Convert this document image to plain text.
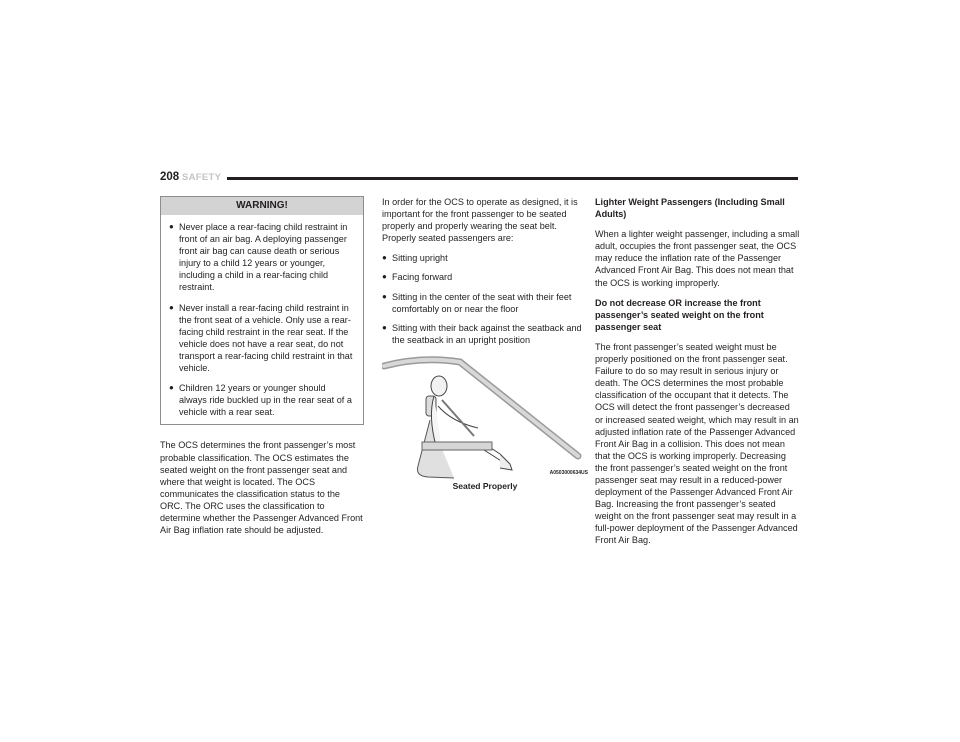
208 SAFETY
WARNING!
● Never place a rear-facing child restraint in front of an air bag. A deploying passenger front air bag can cause death or serious injury to a child 12 years or younger, including a child in a rear-facing child restraint.
● Never install a rear-facing child restraint in the front seat of a vehicle. Only use a rear-facing child restraint in the rear seat. If the vehicle does not have a rear seat, do not transport a rear-facing child restraint in that vehicle.
● Children 12 years or younger should always ride buckled up in the rear seat of a vehicle with a rear seat.

The OCS determines the front passenger’s most probable classification. The OCS estimates the seated weight on the front passenger seat and where that weight is located. The OCS communicates the classification status to the ORC. The ORC uses the classification to determine whether the Passenger Advanced Front Air Bag inflation rate should be adjusted.

In order for the OCS to operate as designed, it is important for the front passenger to be seated properly and properly wearing the seat belt. Properly seated passengers are:

● Sitting upright
● Facing forward
● Sitting in the center of the seat with their feet comfortably on or near the floor
● Sitting with their back against the seatback and the seatback in an upright position
A0503000634US
Seated Properly
Lighter Weight Passengers (Including Small Adults)

When a lighter weight passenger, including a small adult, occupies the front passenger seat, the OCS may reduce the inflation rate of the Passenger Advanced Front Air Bag. This does not mean that the OCS is working improperly.

Do not decrease OR increase the front passenger’s seated weight on the front passenger seat

The front passenger’s seated weight must be properly positioned on the front passenger seat. Failure to do so may result in serious injury or death. The OCS determines the most probable classification of the occupant that it detects. The OCS will detect the front passenger’s decreased or increased seated weight, which may result in an adjusted inflation rate of the Passenger Advanced Front Air Bag in a collision. This does not mean that the OCS is working improperly. Decreasing the front passenger’s seated weight on the front passenger seat may result in a reduced-power deployment of the Passenger Advanced Front Air Bag. Increasing the front passenger’s seated weight on the front passenger seat may result in a full-power deployment of the Passenger Advanced Front Air Bag.
